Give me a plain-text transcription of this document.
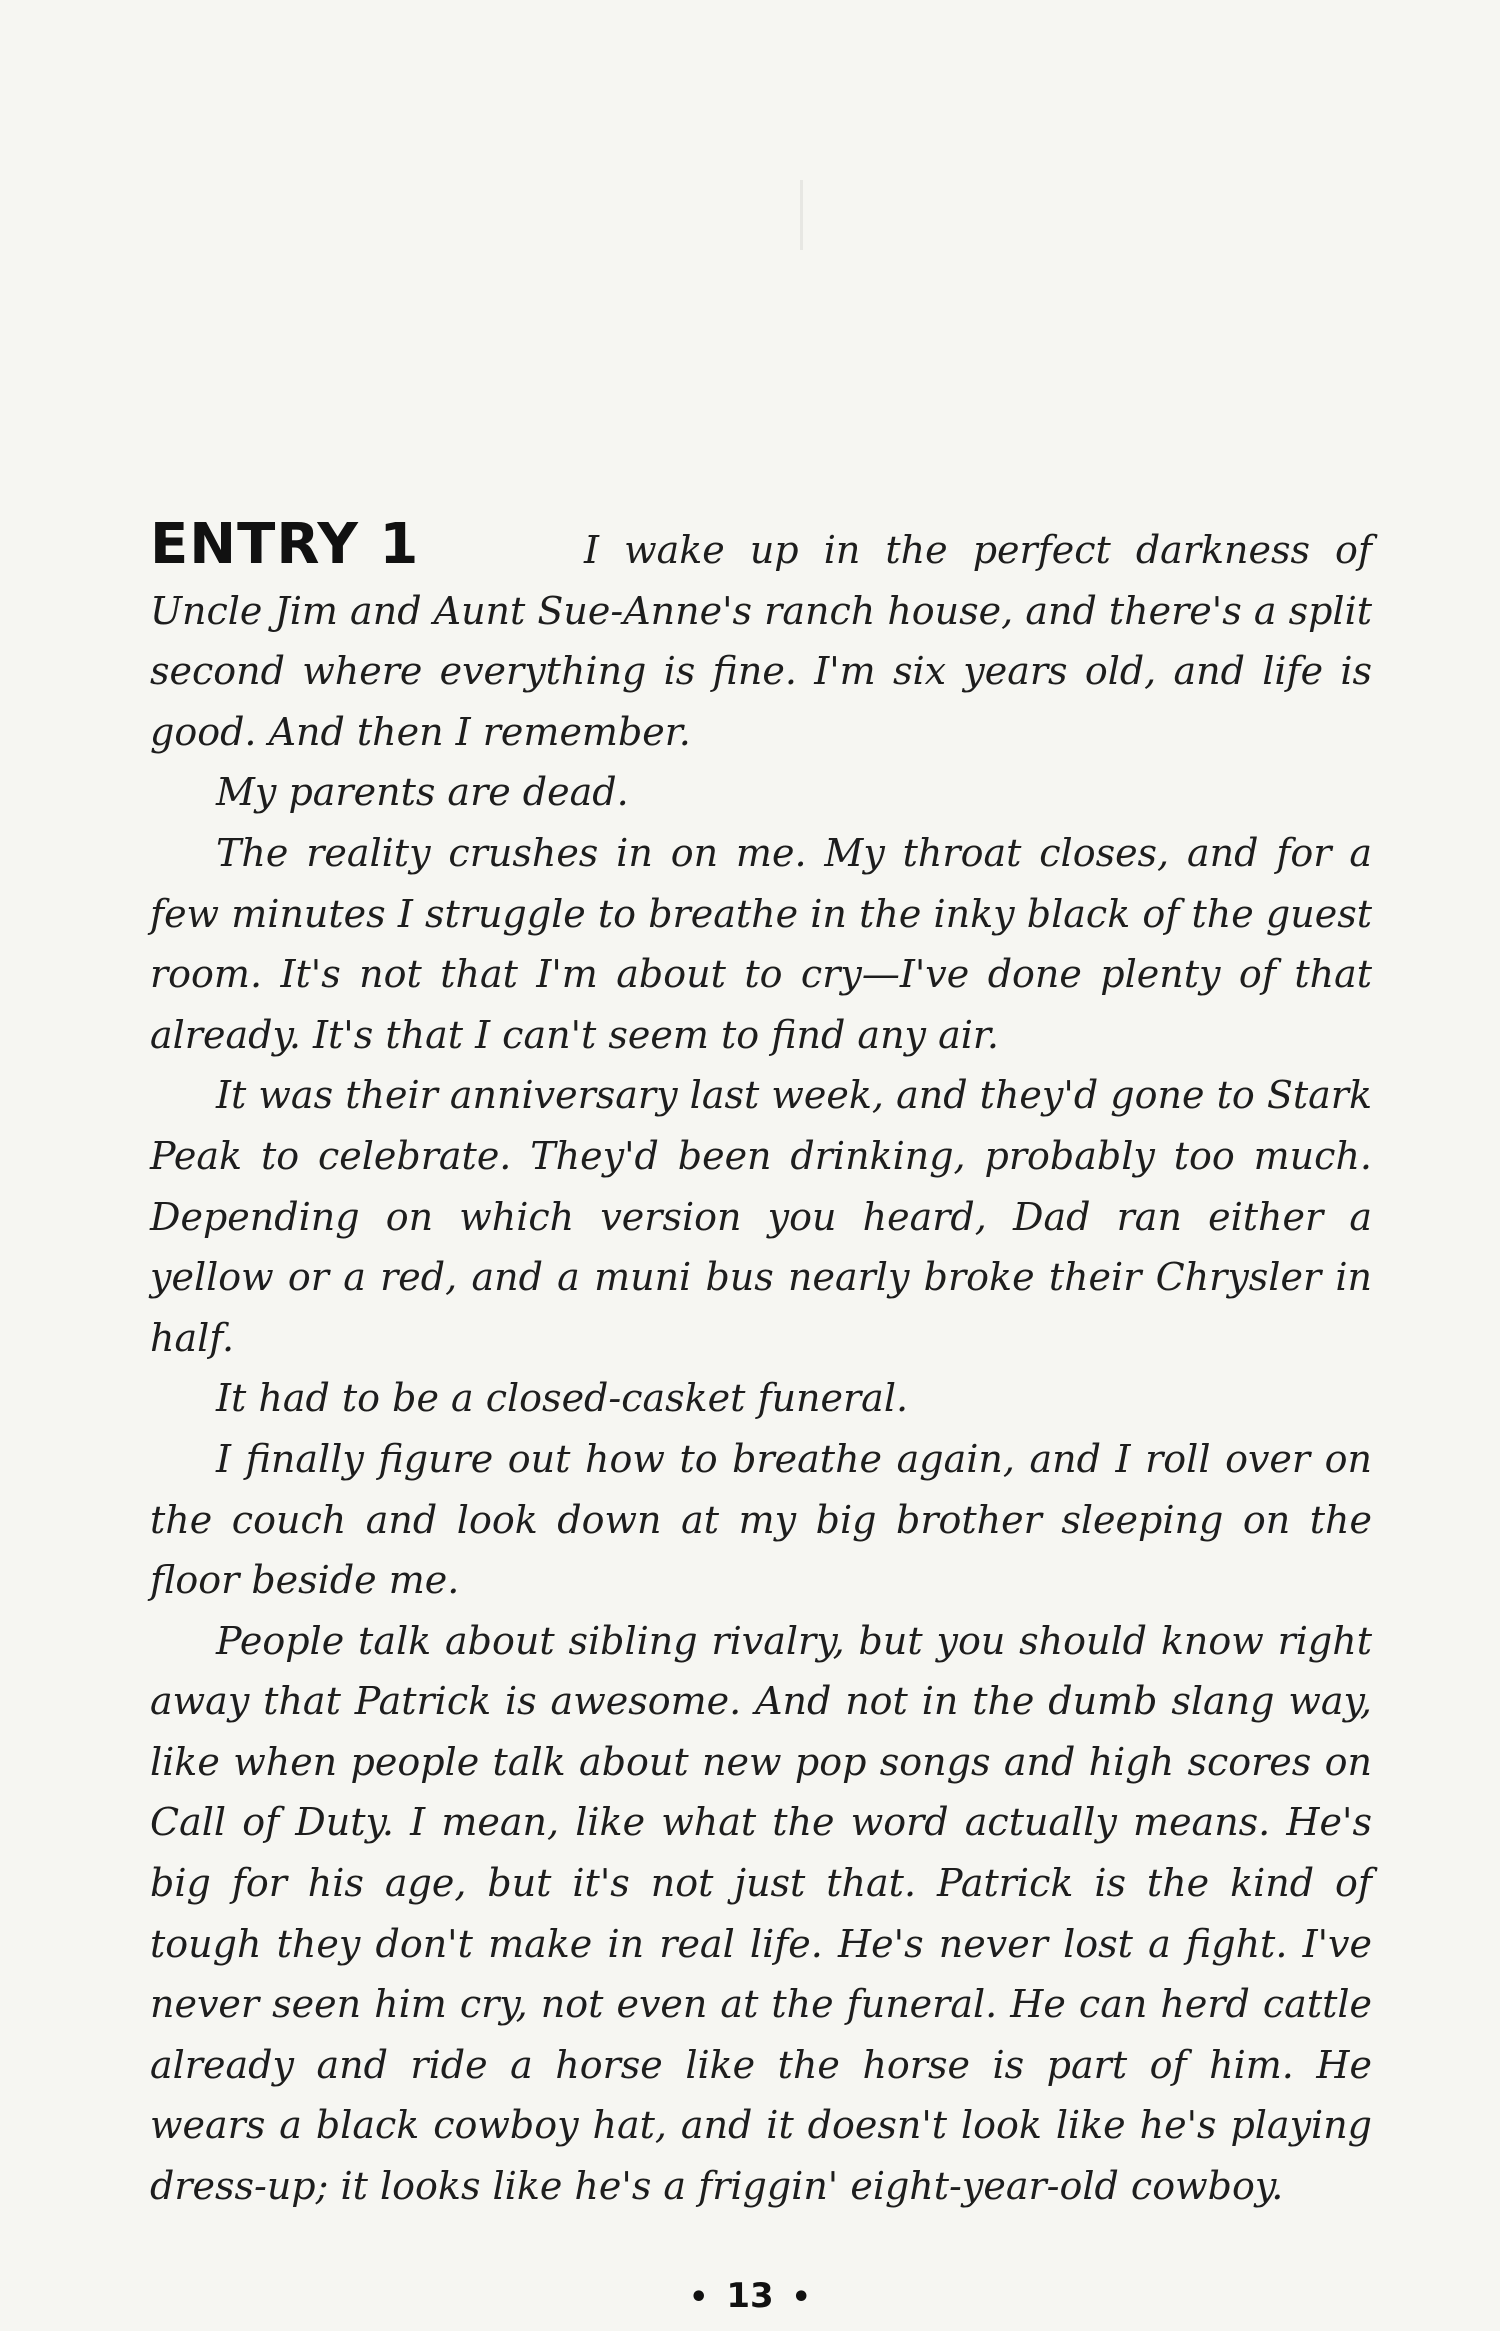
ENTRY 1	I wake up in the perfect darkness of Uncle Jim and Aunt Sue-Anne's ranch house, and there's a split second where everything is fine. I'm six years old, and life is good. And then I remember.

My parents are dead.

The reality crushes in on me. My throat closes, and for a few minutes I struggle to breathe in the inky black of the guest room. It's not that I'm about to cry—I've done plenty of that already. It's that I can't seem to find any air.

It was their anniversary last week, and they'd gone to Stark Peak to celebrate. They'd been drinking, probably too much. Depending on which version you heard, Dad ran either a yellow or a red, and a muni bus nearly broke their Chrysler in half.

It had to be a closed-casket funeral.

I finally figure out how to breathe again, and I roll over on the couch and look down at my big brother sleeping on the floor beside me.

People talk about sibling rivalry, but you should know right away that Patrick is awesome. And not in the dumb slang way, like when people talk about new pop songs and high scores on Call of Duty. I mean, like what the word actually means. He's big for his age, but it's not just that. Patrick is the kind of tough they don't make in real life. He's never lost a fight. I've never seen him cry, not even at the funeral. He can herd cattle already and ride a horse like the horse is part of him. He wears a black cowboy hat, and it doesn't look like he's playing dress-up; it looks like he's a friggin' eight-year-old cowboy.

• 13 •
